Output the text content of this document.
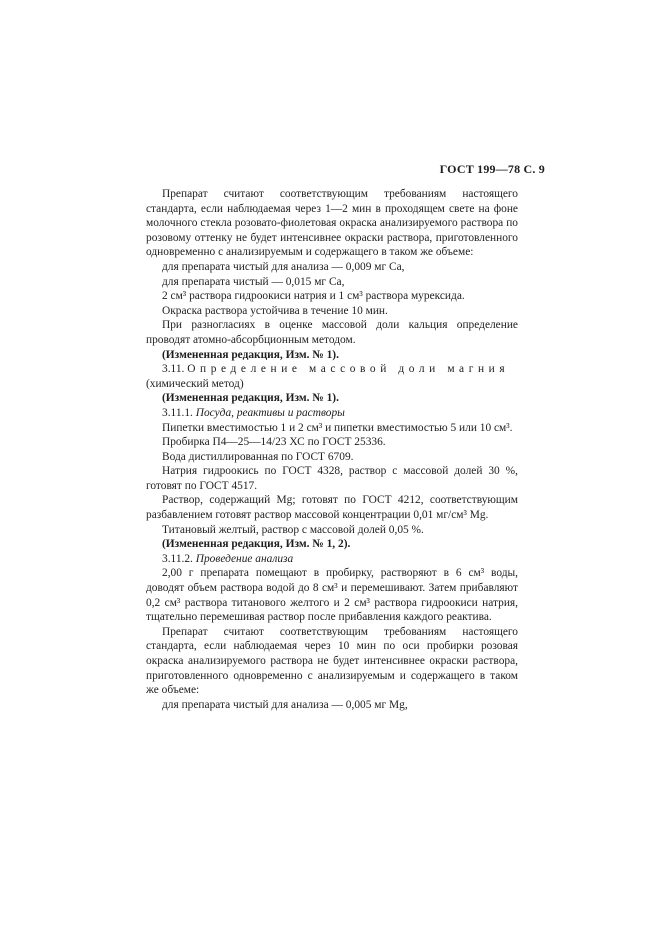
ГОСТ 199—78 С. 9

Препарат считают соответствующим требованиям настоящего стандарта, если наблюдаемая через 1—2 мин в проходящем свете на фоне молочного стекла розовато-фиолетовая окраска анализируемого раствора по розовому оттенку не будет интенсивнее окраски раствора, приготовленного одновременно с анализируемым и содержащего в таком же объеме:

для препарата чистый для анализа — 0,009 мг Ca,

для препарата чистый — 0,015 мг Ca,

2 см³ раствора гидроокиси натрия и 1 см³ раствора мурексида.

Окраска раствора устойчива в течение 10 мин.

При разногласиях в оценке массовой доли кальция определение проводят атомно-абсорбционным методом.

(Измененная редакция, Изм. № 1).

3.11. Определение массовой доли магния

(химический метод)

(Измененная редакция, Изм. № 1).

3.11.1. Посуда, реактивы и растворы

Пипетки вместимостью 1 и 2 см³ и пипетки вместимостью 5 или 10 см³.

Пробирка П4—25—14/23 ХС по ГОСТ 25336.

Вода дистиллированная по ГОСТ 6709.

Натрия гидроокись по ГОСТ 4328, раствор с массовой долей 30 %, готовят по ГОСТ 4517.

Раствор, содержащий Mg; готовят по ГОСТ 4212, соответствующим разбавлением готовят раствор массовой концентрации 0,01 мг/см³ Mg.

Титановый желтый, раствор с массовой долей 0,05 %.

(Измененная редакция, Изм. № 1, 2).

3.11.2. Проведение анализа

2,00 г препарата помещают в пробирку, растворяют в 6 см³ воды, доводят объем раствора водой до 8 см³ и перемешивают. Затем прибавляют 0,2 см³ раствора титанового желтого и 2 см³ раствора гидроокиси натрия, тщательно перемешивая раствор после прибавления каждого реактива.

Препарат считают соответствующим требованиям настоящего стандарта, если наблюдаемая через 10 мин по оси пробирки розовая окраска анализируемого раствора не будет интенсивнее окраски раствора, приготовленного одновременно с анализируемым и содержащего в таком же объеме:

для препарата чистый для анализа — 0,005 мг Mg,
